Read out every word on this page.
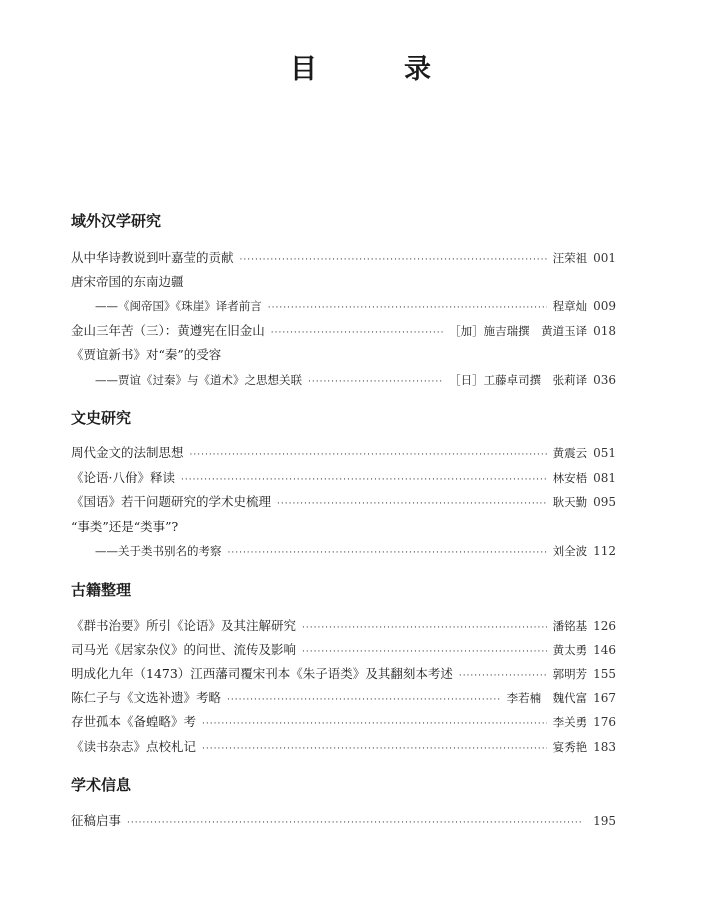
目　录
域外汉学研究
从中华诗教说到叶嘉莹的贡献 ·····	汪荣祖 001
唐宋帝国的东南边疆
——《闽帝国》《珠崖》译者前言 ·····	程章灿 009
金山三年苦（三）：黄遵宪在旧金山 ·····	［加］施吉瑞撰　黄道玉译 018
《贾谊新书》对“秦”的受容
——贾谊《过秦》与《道术》之思想关联 ·····	［日］工藤卓司撰　张莉译 036
文史研究
周代金文的法制思想 ·····	黄震云 051
《论语·八佾》释读 ·····	林安梧 081
《国语》若干问题研究的学术史梳理 ·····	耿天勤 095
“事类”还是“类事”?
——关于类书别名的考察 ·····	刘全波 112
古籍整理
《群书治要》所引《论语》及其注解研究 ·····	潘铭基 126
司马光《居家杂仪》的问世、流传及影响 ·····	黄太勇 146
明成化九年（1473）江西藩司覆宋刊本《朱子语类》及其翻刻本考述 ·····	郭明芳 155
陈仁子与《文选补遗》考略 ·····	李若楠　魏代富 167
存世孤本《备蝗略》考 ·····	李关勇 176
《读书杂志》点校札记 ·····	宴秀艳 183
学术信息
征稿启事 ·····	195
